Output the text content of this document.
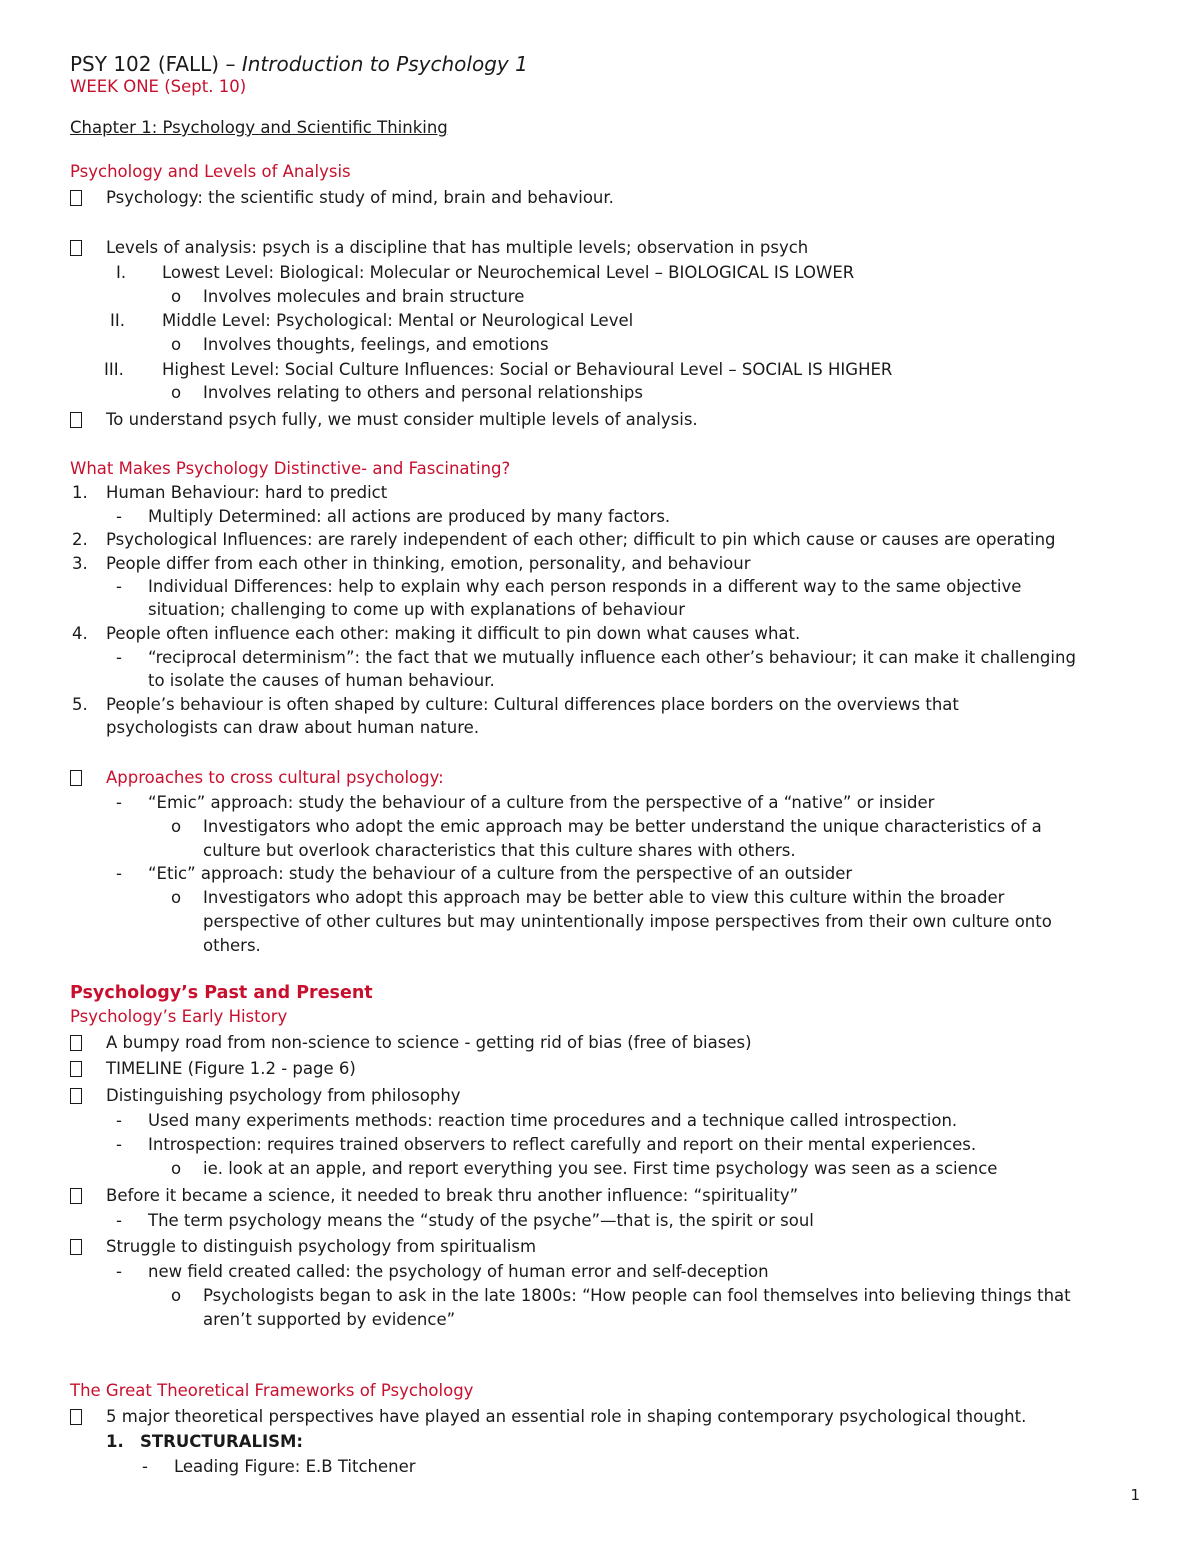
PSY 102 (FALL) – Introduction to Psychology 1
WEEK ONE (Sept. 10)
Chapter 1: Psychology and Scientific Thinking
Psychology and Levels of Analysis
Psychology: the scientific study of mind, brain and behaviour.
Levels of analysis: psych is a discipline that has multiple levels; observation in psych
I. Lowest Level: Biological: Molecular or Neurochemical Level – BIOLOGICAL IS LOWER
o Involves molecules and brain structure
II. Middle Level: Psychological: Mental or Neurological Level
o Involves thoughts, feelings, and emotions
III. Highest Level: Social Culture Influences: Social or Behavioural Level – SOCIAL IS HIGHER
o Involves relating to others and personal relationships
To understand psych fully, we must consider multiple levels of analysis.
What Makes Psychology Distinctive- and Fascinating?
1. Human Behaviour: hard to predict
- Multiply Determined: all actions are produced by many factors.
2. Psychological Influences: are rarely independent of each other; difficult to pin which cause or causes are operating
3. People differ from each other in thinking, emotion, personality, and behaviour
- Individual Differences: help to explain why each person responds in a different way to the same objective
situation; challenging to come up with explanations of behaviour
4. People often influence each other: making it difficult to pin down what causes what.
- “reciprocal determinism”: the fact that we mutually influence each other’s behaviour; it can make it challenging
to isolate the causes of human behaviour.
5. People’s behaviour is often shaped by culture: Cultural differences place borders on the overviews that
psychologists can draw about human nature.
Approaches to cross cultural psychology:
- “Emic” approach: study the behaviour of a culture from the perspective of a “native” or insider
o Investigators who adopt the emic approach may be better understand the unique characteristics of a
culture but overlook characteristics that this culture shares with others.
- “Etic” approach: study the behaviour of a culture from the perspective of an outsider
o Investigators who adopt this approach may be better able to view this culture within the broader
perspective of other cultures but may unintentionally impose perspectives from their own culture onto
others.
Psychology’s Past and Present
Psychology’s Early History
A bumpy road from non-science to science - getting rid of bias (free of biases)
TIMELINE (Figure 1.2 - page 6)
Distinguishing psychology from philosophy
- Used many experiments methods: reaction time procedures and a technique called introspection.
- Introspection: requires trained observers to reflect carefully and report on their mental experiences.
o ie. look at an apple, and report everything you see. First time psychology was seen as a science
Before it became a science, it needed to break thru another influence: “spirituality”
- The term psychology means the “study of the psyche”—that is, the spirit or soul
Struggle to distinguish psychology from spiritualism
- new field created called: the psychology of human error and self-deception
o Psychologists began to ask in the late 1800s: “How people can fool themselves into believing things that
aren’t supported by evidence”
The Great Theoretical Frameworks of Psychology
5 major theoretical perspectives have played an essential role in shaping contemporary psychological thought.
1. STRUCTURALISM:
- Leading Figure: E.B Titchener
1
